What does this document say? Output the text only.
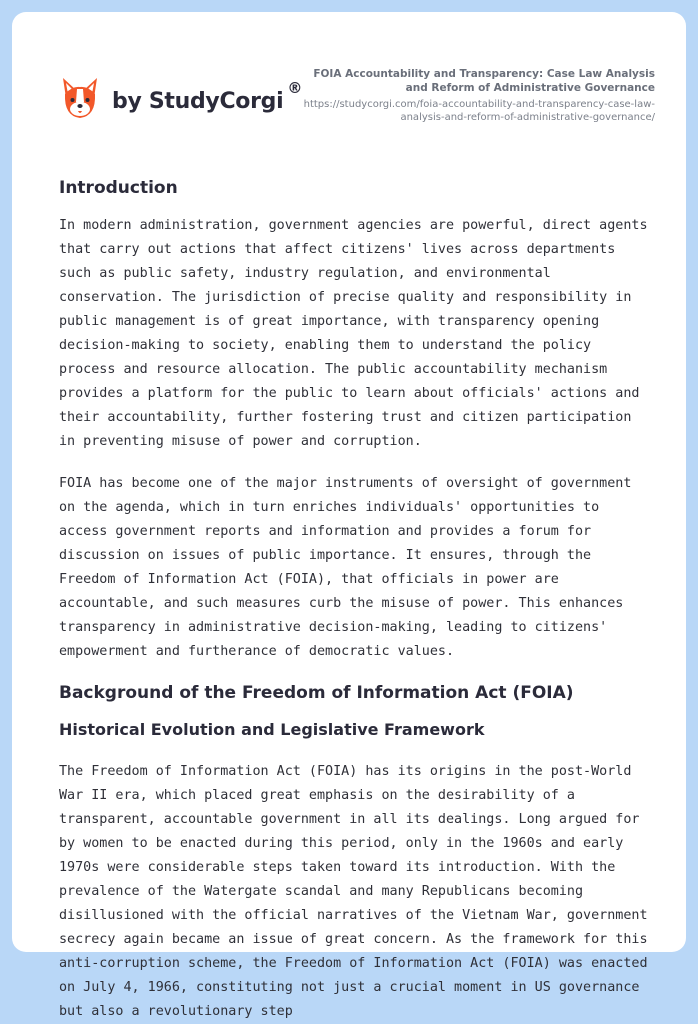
by StudyCorgi
®
FOIA Accountability and Transparency: Case Law Analysis and Reform of Administrative Governance
https://studycorgi.com/foia-accountability-and-transparency-case-law-analysis-and-reform-of-administrative-governance/
Introduction

In modern administration, government agencies are powerful, direct agents that carry out actions that affect citizens' lives across departments such as public safety, industry regulation, and environmental conservation. The jurisdiction of precise quality and responsibility in public management is of great importance, with transparency opening decision-making to society, enabling them to understand the policy process and resource allocation. The public accountability mechanism provides a platform for the public to learn about officials' actions and their accountability, further fostering trust and citizen participation in preventing misuse of power and corruption.

FOIA has become one of the major instruments of oversight of government on the agenda, which in turn enriches individuals' opportunities to access government reports and information and provides a forum for discussion on issues of public importance. It ensures, through the Freedom of Information Act (FOIA), that officials in power are accountable, and such measures curb the misuse of power. This enhances transparency in administrative decision-making, leading to citizens' empowerment and furtherance of democratic values.

Background of the Freedom of Information Act (FOIA)
Historical Evolution and Legislative Framework

The Freedom of Information Act (FOIA) has its origins in the post-World War II era, which placed great emphasis on the desirability of a transparent, accountable government in all its dealings. Long argued for by women to be enacted during this period, only in the 1960s and early 1970s were considerable steps taken toward its introduction. With the prevalence of the Watergate scandal and many Republicans becoming disillusioned with the official narratives of the Vietnam War, government secrecy again became an issue of great concern. As the framework for this anti-corruption scheme, the Freedom of Information Act (FOIA) was enacted on July 4, 1966, constituting not just a crucial moment in US governance but also a revolutionary step
